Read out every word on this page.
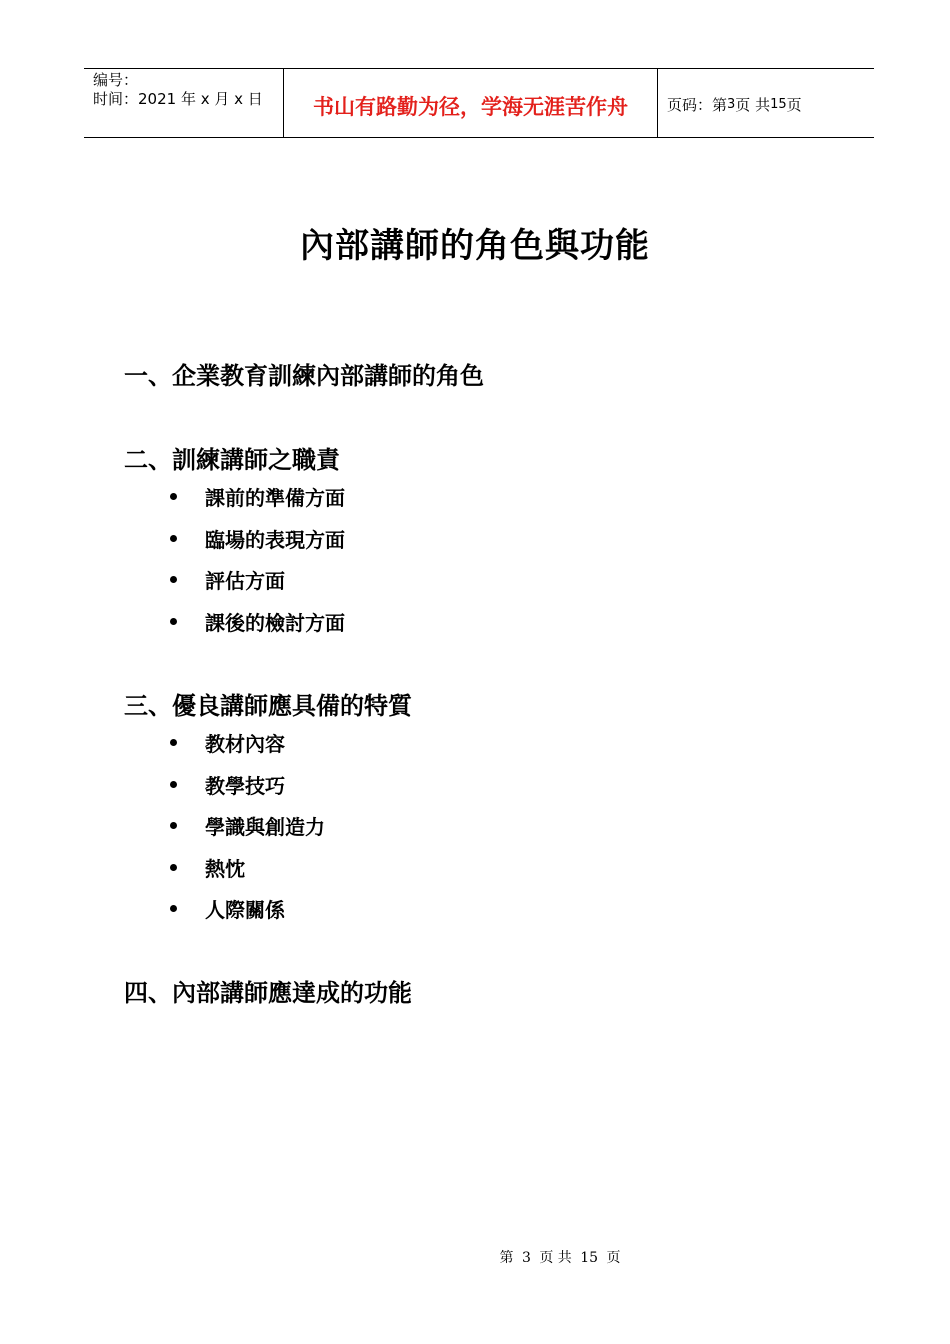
编号：
时间：2021 年 x 月 x 日	书山有路勤为径，学海无涯苦作舟	页码：第 3 页 共 15 页
內部講師的角色與功能
一、企業教育訓練內部講師的角色
二、訓練講師之職責
課前的準備方面
臨場的表現方面
評估方面
課後的檢討方面
三、優良講師應具備的特質
教材內容
教學技巧
學識與創造力
熱忱
人際關係
四、內部講師應達成的功能
第 3 页 共 15 页
